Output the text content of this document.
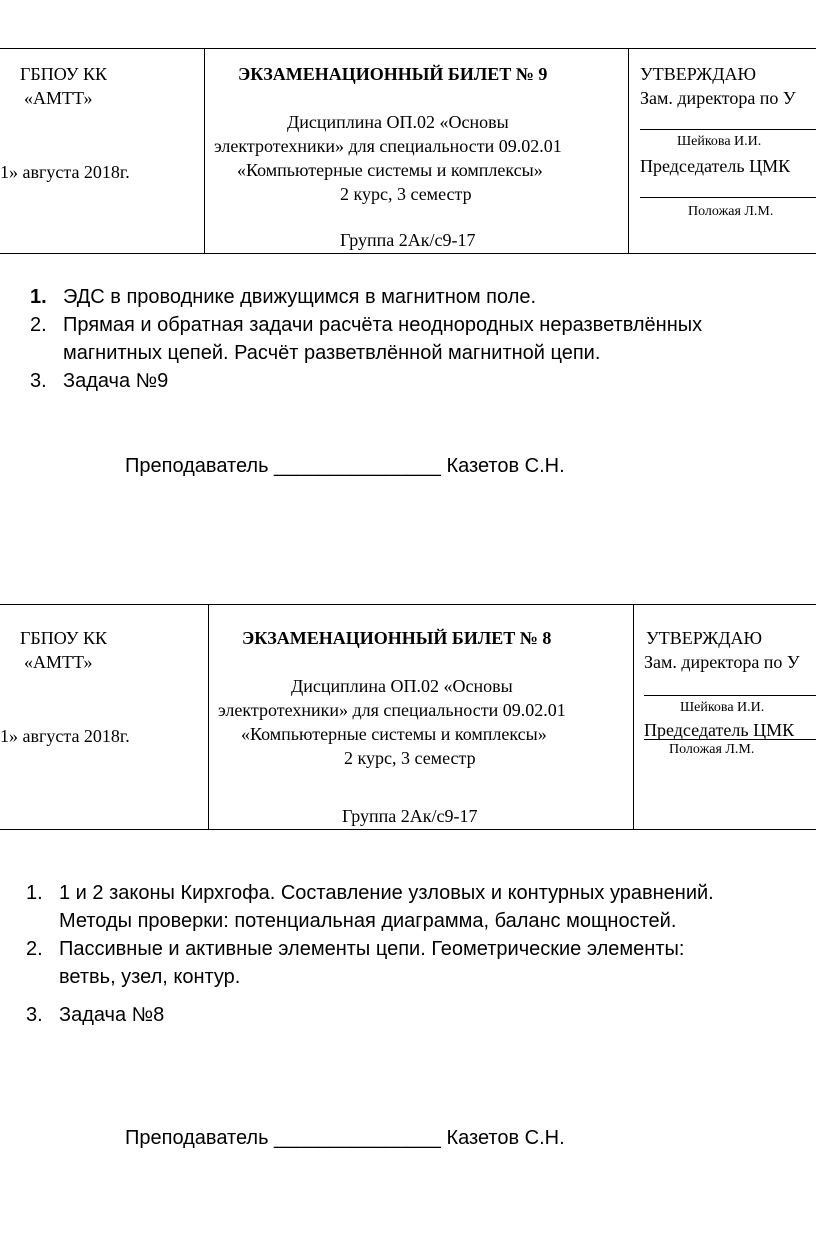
ГБПОУ КК
«АМТТ»
1» августа 2018г.
ЭКЗАМЕНАЦИОННЫЙ БИЛЕТ № 9
Дисциплина ОП.02 «Основы
электротехники» для специальности 09.02.01
«Компьютерные системы и комплексы»
2 курс, 3 семестр
Группа 2Ак/с9-17
УТВЕРЖДАЮ
Зам. директора по У
Шейкова И.И.
Председатель ЦМК
Положая Л.М.
1. ЭДС в проводнике движущимся в магнитном поле.
2. Прямая и обратная задачи расчёта неоднородных неразветвлённых
магнитных цепей. Расчёт разветвлённой магнитной цепи.
3. Задача №9
Преподаватель _______________ Казетов С.Н.
ГБПОУ КК
«АМТТ»
1» августа 2018г.
ЭКЗАМЕНАЦИОННЫЙ БИЛЕТ № 8
Дисциплина ОП.02 «Основы
электротехники» для специальности 09.02.01
«Компьютерные системы и комплексы»
2 курс, 3 семестр
Группа 2Ак/с9-17
УТВЕРЖДАЮ
Зам. директора по У
Шейкова И.И.
Председатель ЦМК
Положая Л.М.
1. 1 и 2 законы Кирхгофа. Составление узловых и контурных уравнений.
Методы проверки: потенциальная диаграмма, баланс мощностей.
2. Пассивные и активные элементы цепи. Геометрические элементы:
ветвь, узел, контур.
3. Задача №8
Преподаватель _______________ Казетов С.Н.
